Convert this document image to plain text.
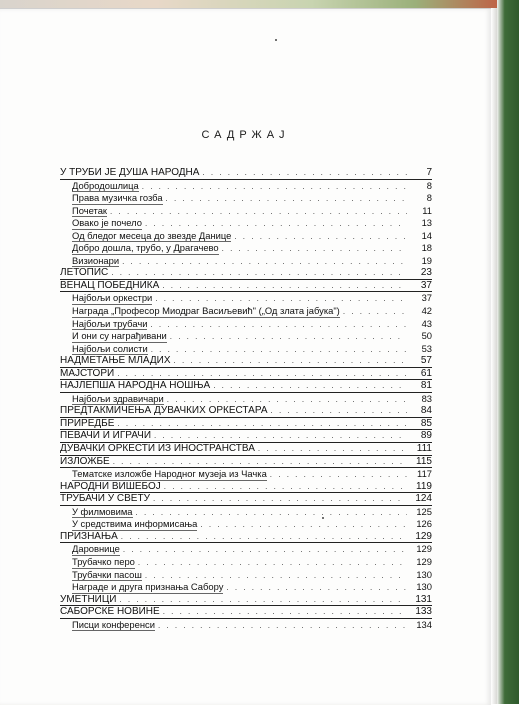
САДРЖАЈ
У ТРУБИ ЈЕ ДУША НАРОДНА . . .	7
Добродошлица . . .	8
Права музичка гозба . . .	8
Почетак . . .	11
Овако је почело . . .	13
Од бледог месеца до звезде Данице . . .	14
Добро дошла, трубо, у Драгачево . . .	18
Визионари . . .	19
ЛЕТОПИС . . .	23
ВЕНАЦ ПОБЕДНИКА . . .	37
Најбољи оркестри . . .	37
Награда „Професор Миодраг Васиљевић" („Од злата јабука") . . .	42
Најбољи трубачи . . .	43
И они су награђивани . . .	50
Најбољи солисти . . .	53
НАДМЕТАЊЕ МЛАДИХ . . .	57
МАЈСТОРИ . . .	61
НАЈЛЕПША НАРОДНА НОШЊА . . .	81
Најбољи здравичари . . .	83
ПРЕДТАКМИЧЕЊА ДУВАЧКИХ ОРКЕСТАРА . . .	84
ПРИРЕДБЕ . . .	85
ПЕВАЧИ И ИГРАЧИ . . .	89
ДУВАЧКИ ОРКЕСТИ ИЗ ИНОСТРАНСТВА . . .	111
ИЗЛОЖБЕ . . .	115
Тематске изложбе Народног музеја из Чачка . . .	117
НАРОДНИ ВИШЕБОЈ . . .	119
ТРУБАЧИ У СВЕТУ . . .	124
У филмовима . . .	125
У средствима информисања . . .	126
ПРИЗНАЊА . . .	129
Даровнице . . .	129
Трубачко перо . . .	129
Трубачки пасош . . .	130
Награде и друга признања Сабору . . .	130
УМЕТНИЦИ . . .	131
САБОРСКЕ НОВИНЕ . . .	133
Писци конференси . . .	134
